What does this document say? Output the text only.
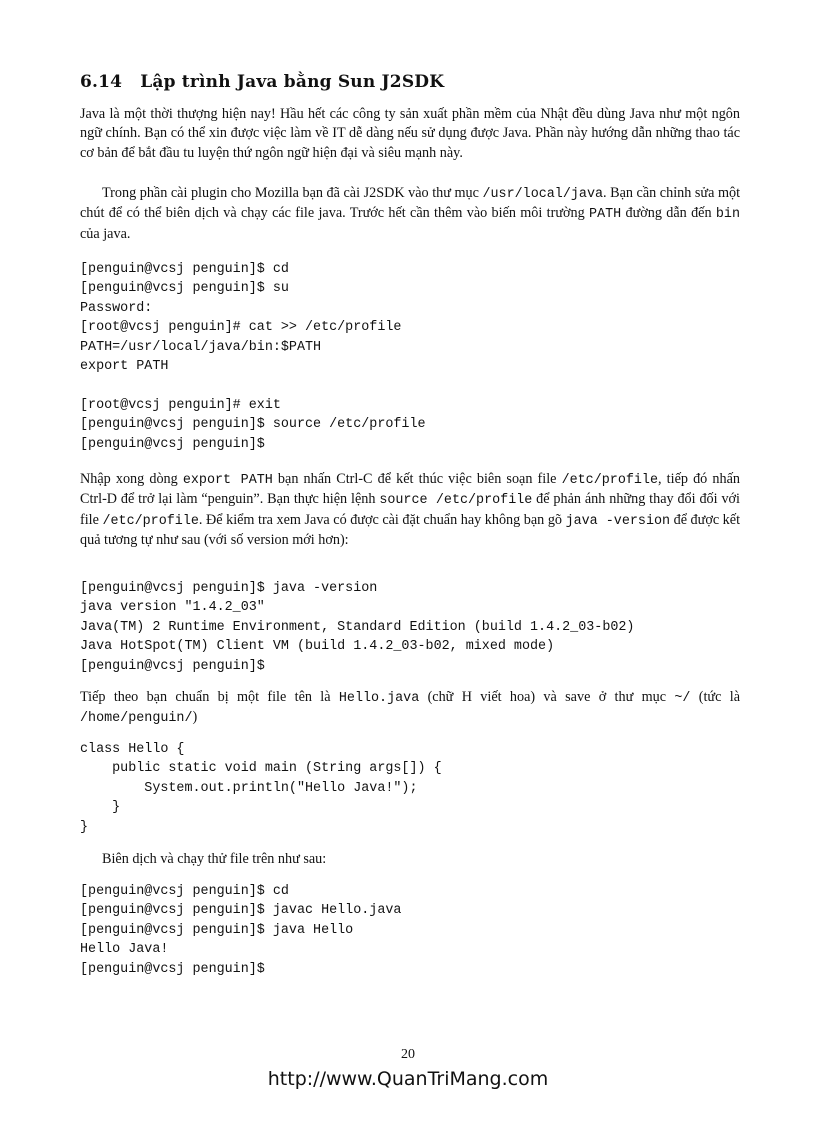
6.14 Lập trình Java bằng Sun J2SDK

Java là một thời thượng hiện nay! Hầu hết các công ty sản xuất phần mềm của Nhật đều dùng Java như một ngôn ngữ chính. Bạn có thể xin được việc làm về IT dễ dàng nếu sử dụng được Java. Phần này hướng dẫn những thao tác cơ bản để bắt đầu tu luyện thứ ngôn ngữ hiện đại và siêu mạnh này.

Trong phần cài plugin cho Mozilla bạn đã cài J2SDK vào thư mục /usr/local/java. Bạn cần chỉnh sửa một chút để có thể biên dịch và chạy các file java. Trước hết cần thêm vào biến môi trường PATH đường dẫn đến bin của java.

[penguin@vcsj penguin]$ cd
[penguin@vcsj penguin]$ su
Password:
[root@vcsj penguin]# cat >> /etc/profile
PATH=/usr/local/java/bin:$PATH
export PATH

[root@vcsj penguin]# exit
[penguin@vcsj penguin]$ source /etc/profile
[penguin@vcsj penguin]$

Nhập xong dòng export PATH bạn nhấn Ctrl-C để kết thúc việc biên soạn file /etc/profile, tiếp đó nhấn Ctrl-D để trở lại làm “penguin”. Bạn thực hiện lệnh source /etc/profile để phản ánh những thay đổi đối với file /etc/profile. Để kiểm tra xem Java có được cài đặt chuẩn hay không bạn gõ java -version để được kết quả tương tự như sau (với số version mới hơn):

[penguin@vcsj penguin]$ java -version
java version "1.4.2_03"
Java(TM) 2 Runtime Environment, Standard Edition (build 1.4.2_03-b02)
Java HotSpot(TM) Client VM (build 1.4.2_03-b02, mixed mode)
[penguin@vcsj penguin]$

Tiếp theo bạn chuẩn bị một file tên là Hello.java (chữ H viết hoa) và save ở thư mục ~/ (tức là /home/penguin/)

class Hello {
public static void main (String args[]) {
System.out.println("Hello Java!");
}
}

Biên dịch và chạy thử file trên như sau:

[penguin@vcsj penguin]$ cd
[penguin@vcsj penguin]$ javac Hello.java
[penguin@vcsj penguin]$ java Hello
Hello Java!
[penguin@vcsj penguin]$
20
http://www.QuanTriMang.com
